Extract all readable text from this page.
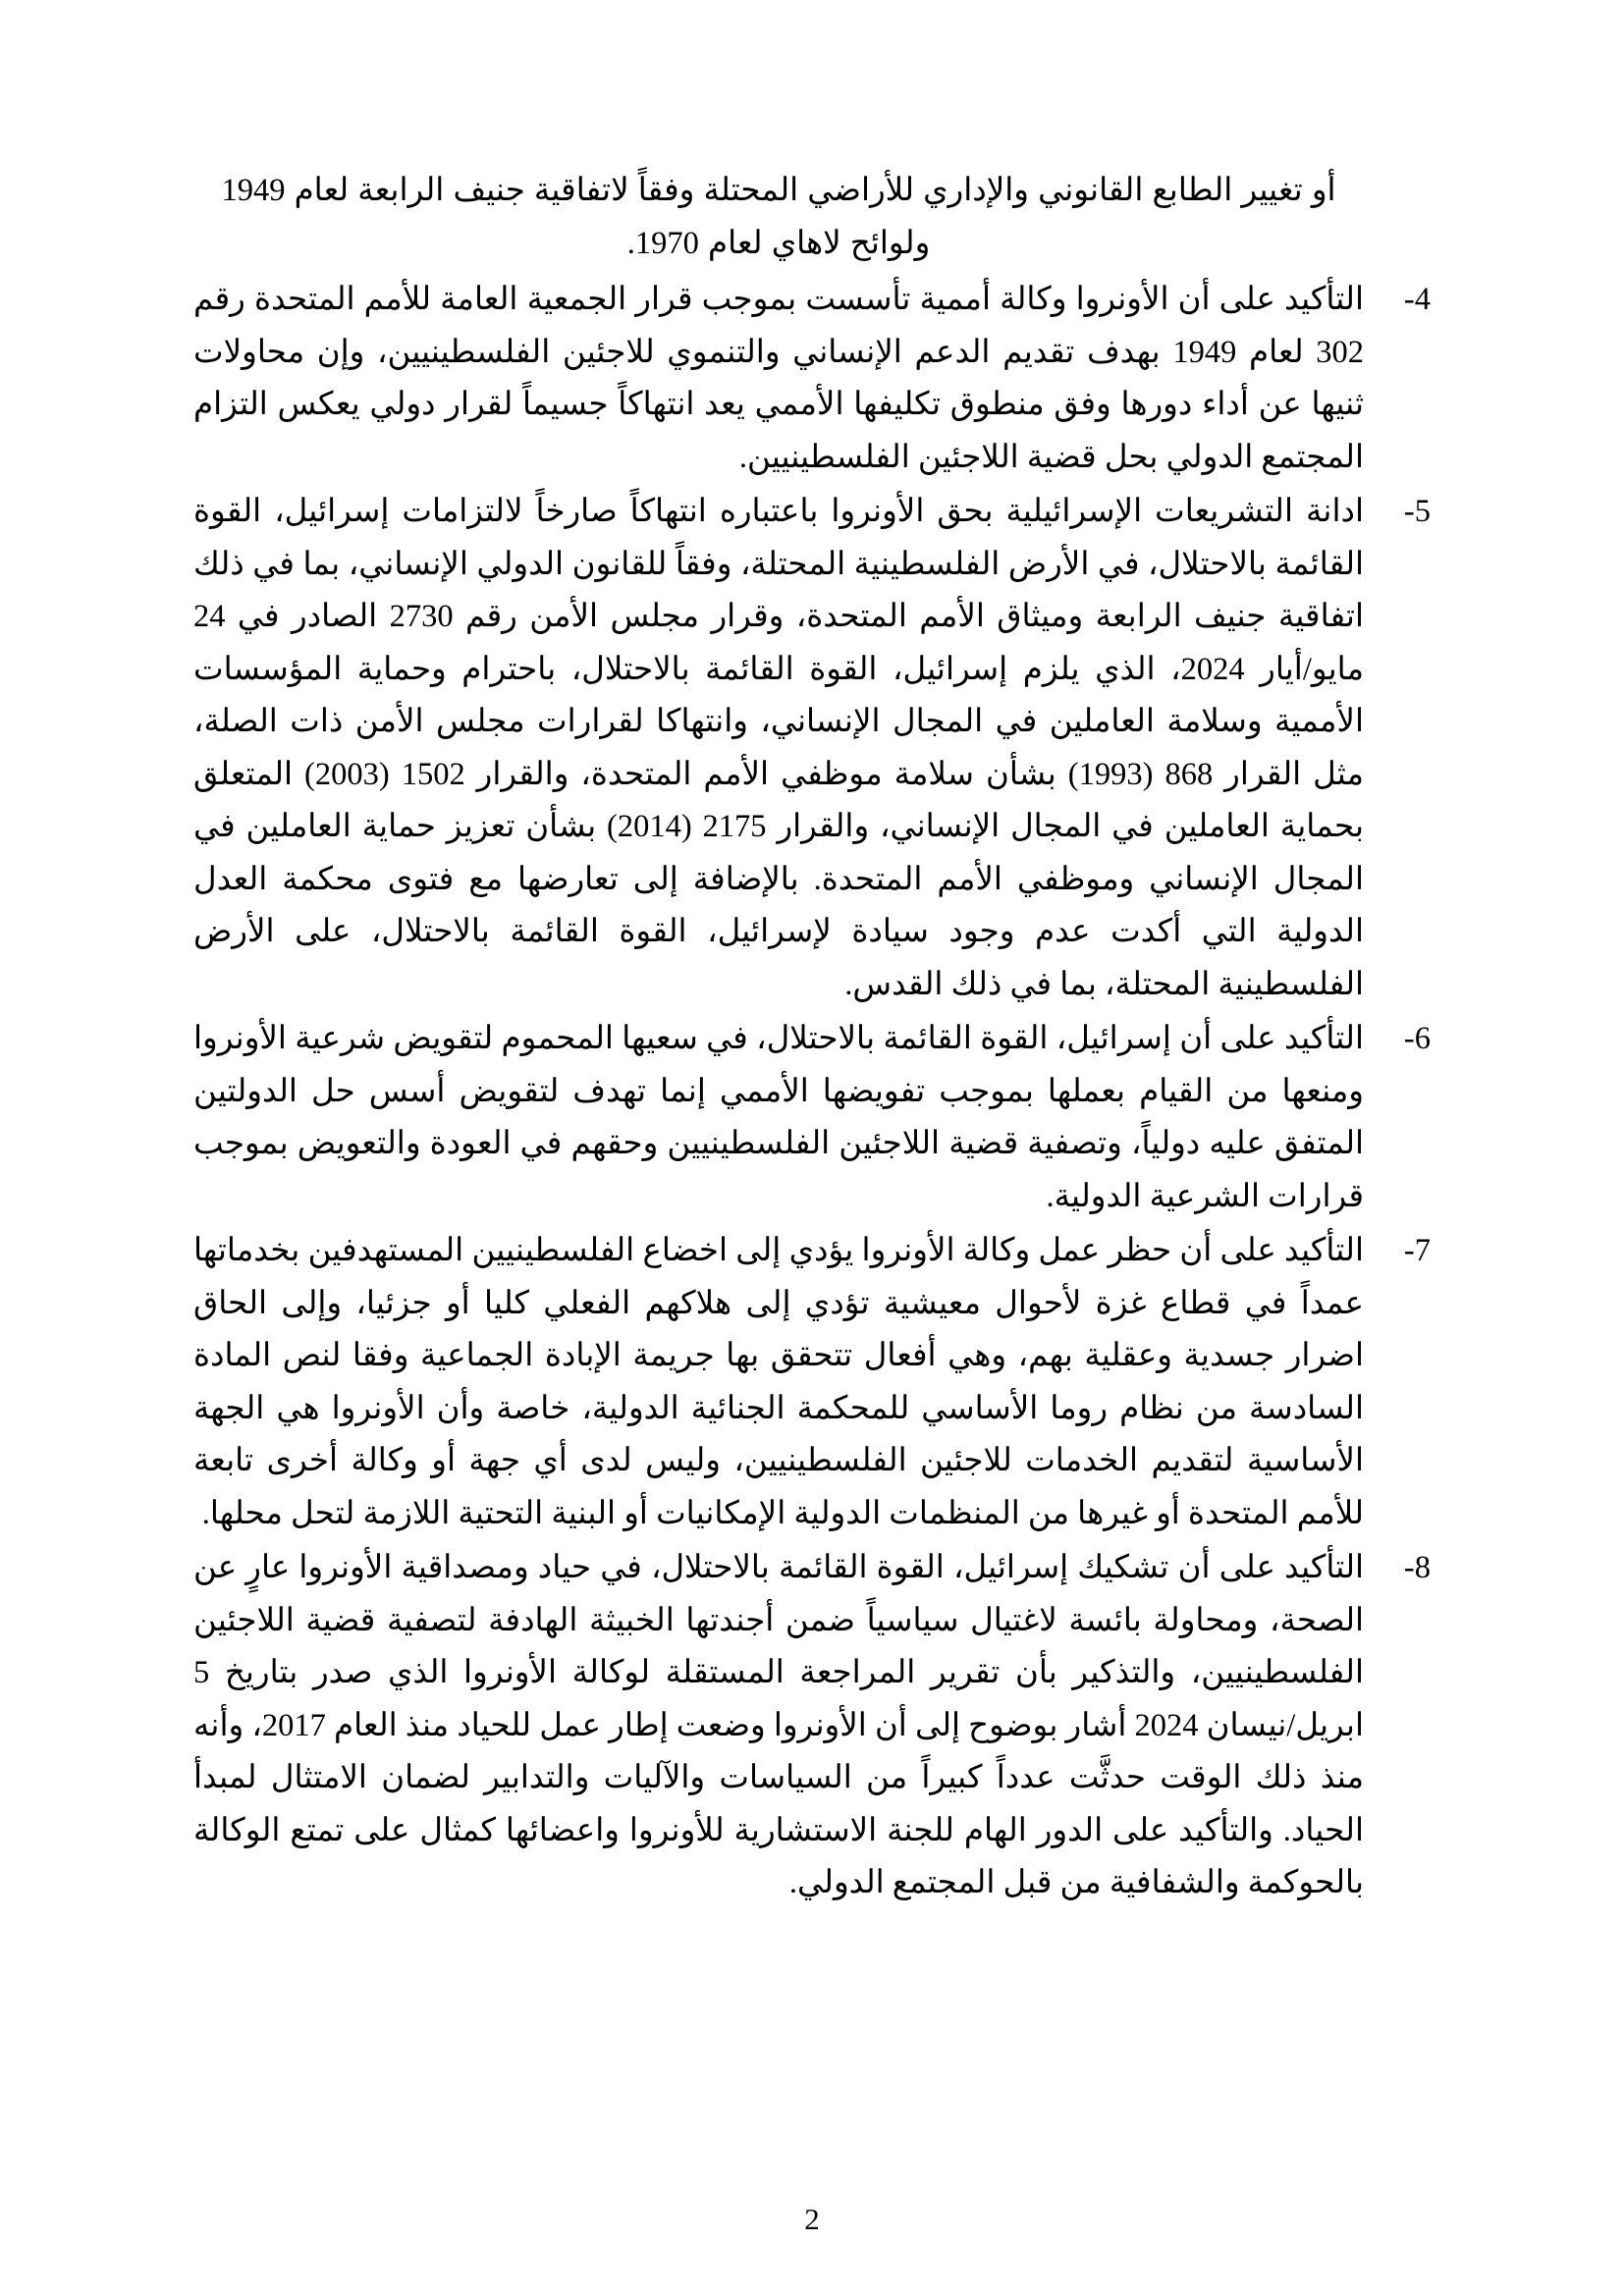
أو تغيير الطابع القانوني والإداري للأراضي المحتلة وفقاً لاتفاقية جنيف الرابعة لعام 1949
ولوائح لاهاي لعام 1970.

-4
التأكيد على أن الأونروا وكالة أممية تأسست بموجب قرار الجمعية العامة للأمم المتحدة رقم 302 لعام 1949 بهدف تقديم الدعم الإنساني والتنموي للاجئين الفلسطينيين، وإن محاولات ثنيها عن أداء دورها وفق منطوق تكليفها الأممي يعد انتهاكاً جسيماً لقرار دولي يعكس التزام المجتمع الدولي بحل قضية اللاجئين الفلسطينيين.
-5
ادانة التشريعات الإسرائيلية بحق الأونروا باعتباره انتهاكاً صارخاً لالتزامات إسرائيل، القوة القائمة بالاحتلال، في الأرض الفلسطينية المحتلة، وفقاً للقانون الدولي الإنساني، بما في ذلك اتفاقية جنيف الرابعة وميثاق الأمم المتحدة، وقرار مجلس الأمن رقم 2730 الصادر في 24 مايو/أيار 2024، الذي يلزم إسرائيل، القوة القائمة بالاحتلال، باحترام وحماية المؤسسات الأممية وسلامة العاملين في المجال الإنساني، وانتهاكا لقرارات مجلس الأمن ذات الصلة، مثل القرار 868 (1993) بشأن سلامة موظفي الأمم المتحدة، والقرار 1502 (2003) المتعلق بحماية العاملين في المجال الإنساني، والقرار 2175 (2014) بشأن تعزيز حماية العاملين في المجال الإنساني وموظفي الأمم المتحدة. بالإضافة إلى تعارضها مع فتوى محكمة العدل الدولية التي أكدت عدم وجود سيادة لإسرائيل، القوة القائمة بالاحتلال، على الأرض الفلسطينية المحتلة، بما في ذلك القدس.
-6
التأكيد على أن إسرائيل، القوة القائمة بالاحتلال، في سعيها المحموم لتقويض شرعية الأونروا ومنعها من القيام بعملها بموجب تفويضها الأممي إنما تهدف لتقويض أسس حل الدولتين المتفق عليه دولياً، وتصفية قضية اللاجئين الفلسطينيين وحقهم في العودة والتعويض بموجب قرارات الشرعية الدولية.
-7
التأكيد على أن حظر عمل وكالة الأونروا يؤدي إلى اخضاع الفلسطينيين المستهدفين بخدماتها عمداً في قطاع غزة لأحوال معيشية تؤدي إلى هلاكهم الفعلي كليا أو جزئيا، وإلى الحاق اضرار جسدية وعقلية بهم، وهي أفعال تتحقق بها جريمة الإبادة الجماعية وفقا لنص المادة السادسة من نظام روما الأساسي للمحكمة الجنائية الدولية، خاصة وأن الأونروا هي الجهة الأساسية لتقديم الخدمات للاجئين الفلسطينيين، وليس لدى أي جهة أو وكالة أخرى تابعة للأمم المتحدة أو غيرها من المنظمات الدولية الإمكانيات أو البنية التحتية اللازمة لتحل محلها.
-8
التأكيد على أن تشكيك إسرائيل، القوة القائمة بالاحتلال، في حياد ومصداقية الأونروا عارٍ عن الصحة، ومحاولة بائسة لاغتيال سياسياً ضمن أجندتها الخبيثة الهادفة لتصفية قضية اللاجئين الفلسطينيين، والتذكير بأن تقرير المراجعة المستقلة لوكالة الأونروا الذي صدر بتاريخ 5 ابريل/نيسان 2024 أشار بوضوح إلى أن الأونروا وضعت إطار عمل للحياد منذ العام 2017، وأنه منذ ذلك الوقت حدثَّت عدداً كبيراً من السياسات والآليات والتدابير لضمان الامتثال لمبدأ الحياد. والتأكيد على الدور الهام للجنة الاستشارية للأونروا واعضائها كمثال على تمتع الوكالة بالحوكمة والشفافية من قبل المجتمع الدولي.
2
